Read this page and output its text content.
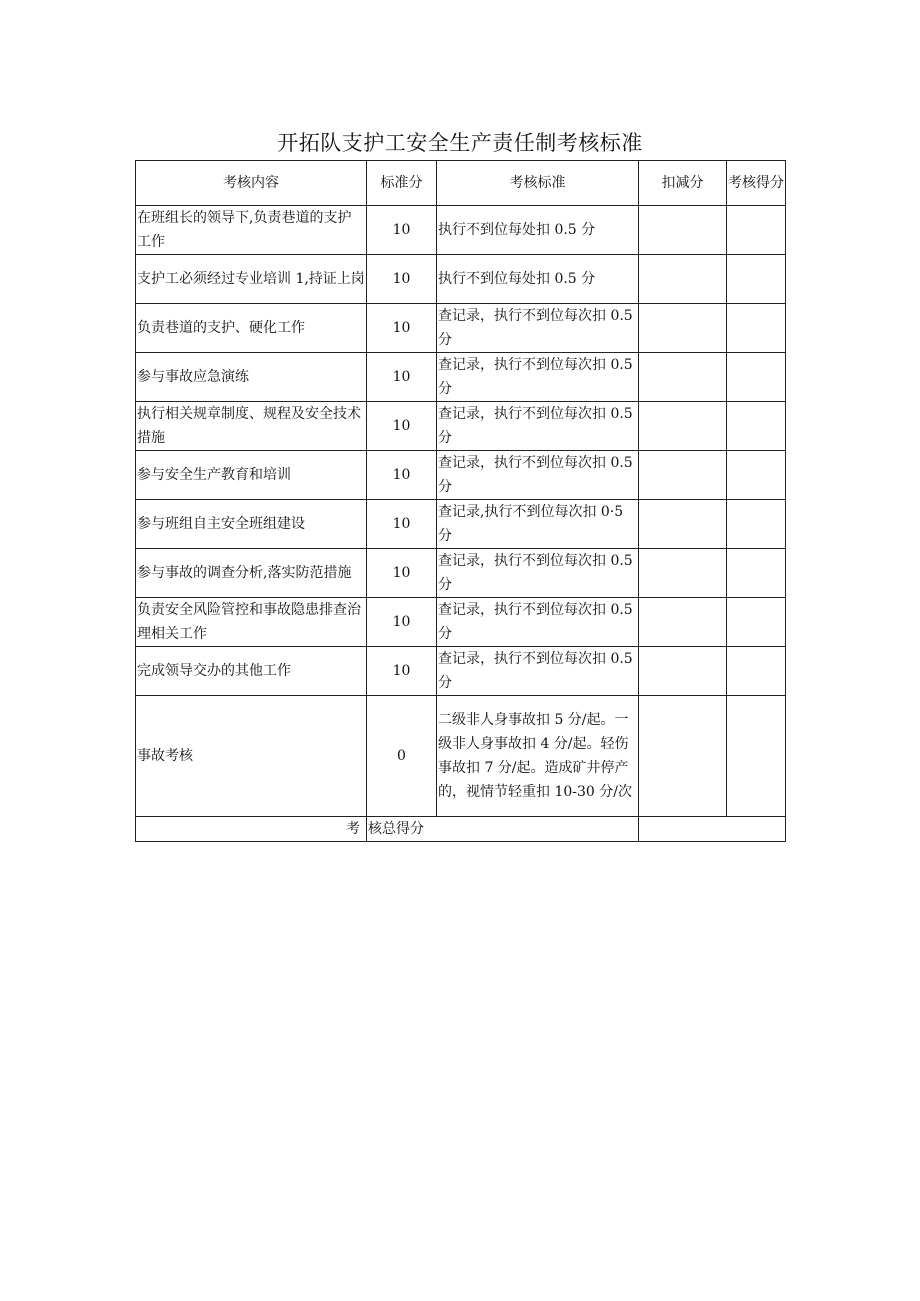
开拓队支护工安全生产责任制考核标准
考核内容	标准分	考核标准	扣减分	考核得分
在班组长的领导下,负责巷道的支护工作	10	执行不到位每处扣 0.5 分		
支护工必须经过专业培训 1,持证上岗	10	执行不到位每处扣 0.5 分		
负责巷道的支护、硬化工作	10	查记录，执行不到位每次扣 0.5 分		
参与事故应急演练	10	查记录，执行不到位每次扣 0.5 分		
执行相关规章制度、规程及安全技术措施	10	查记录，执行不到位每次扣 0.5 分		
参与安全生产教育和培训	10	查记录，执行不到位每次扣 0.5 分		
参与班组自主安全班组建设	10	查记录,执行不到位每次扣 0·5 分		
参与事故的调查分析,落实防范措施	10	查记录，执行不到位每次扣 0.5 分		
负责安全风险管控和事故隐患排查治理相关工作	10	查记录，执行不到位每次扣 0.5 分		
完成领导交办的其他工作	10	查记录，执行不到位每次扣 0.5 分		
事故考核	0	二级非人身事故扣 5 分/起。一级非人身事故扣 4 分/起。轻伤事故扣 7 分/起。造成矿井停产的，视情节轻重扣 10-30 分/次		
考	核总得分			
